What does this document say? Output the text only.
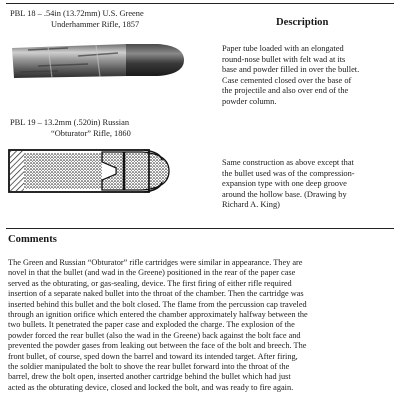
PBL 18 – .54in (13.72mm) U.S. Greene
Underhammer Rifle, 1857	Description
Paper tube loaded with an elongated
round-nose bullet with felt wad at its
base and powder filled in over the bullet.
Case cemented closed over the base of
the projectile and also over end of the
powder column.
PBL 19 – 13.2mm (.520in) Russian
“Obturator” Rifle, 1860
Same construction as above except that
the bullet used was of the compression-
expansion type with one deep groove
around the hollow base. (Drawing by
Richard A. King)
Comments
The Green and Russian “Obturator” rifle cartridges were similar in appearance. They are
novel in that the bullet (and wad in the Greene) positioned in the rear of the paper case
served as the obturating, or gas-sealing, device. The first firing of either rifle required
insertion of a separate naked bullet into the throat of the chamber. Then the cartridge was
inserted behind this bullet and the bolt closed. The flame from the percussion cap traveled
through an ignition orifice which entered the chamber approximately halfway between the
two bullets. It penetrated the paper case and exploded the charge. The explosion of the
powder forced the rear bullet (also the wad in the Greene) back against the bolt face and
prevented the powder gases from leaking out between the face of the bolt and breech. The
front bullet, of course, sped down the barrel and toward its intended target. After firing,
the soldier manipulated the bolt to shove the rear bullet forward into the throat of the
barrel, drew the bolt open, inserted another cartridge behind the bullet which had just
acted as the obturating device, closed and locked the bolt, and was ready to fire again.
